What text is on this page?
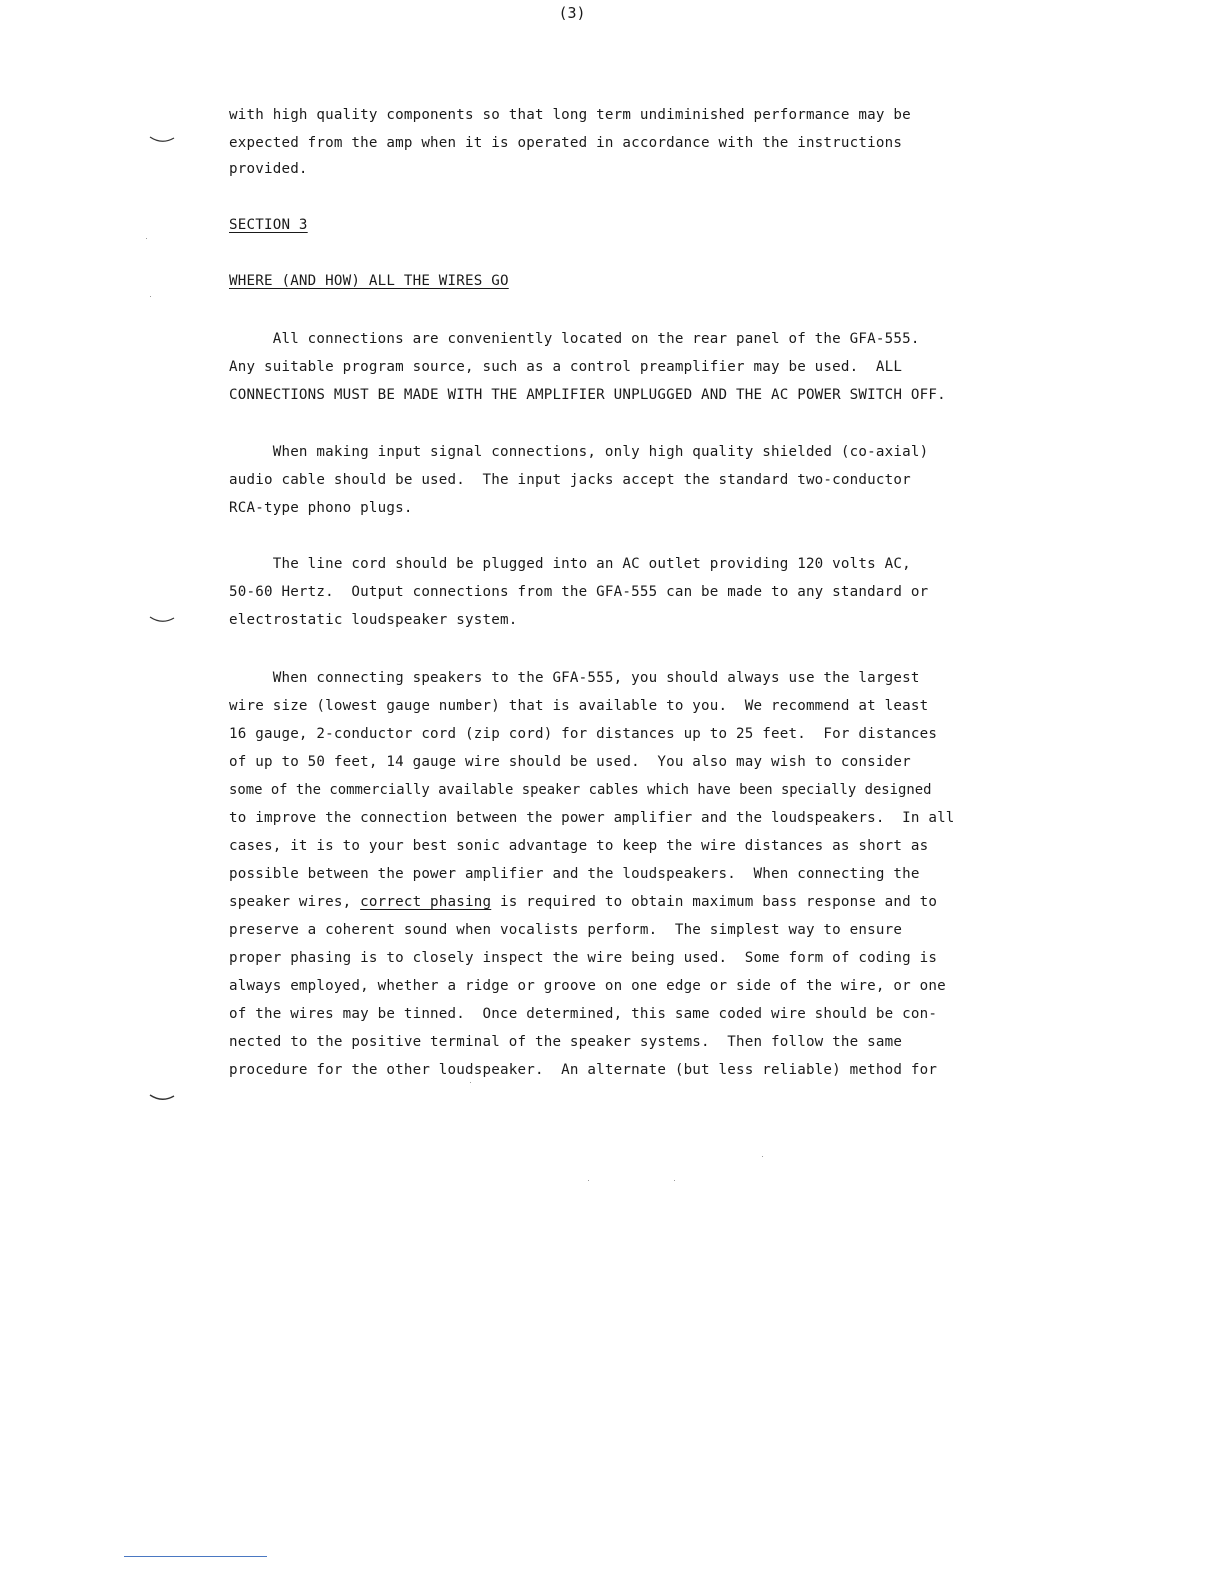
(3)
with high quality components so that long term undiminished performance may be
expected from the amp when it is operated in accordance with the instructions
provided.
SECTION 3
WHERE (AND HOW) ALL THE WIRES GO
All connections are conveniently located on the rear panel of the GFA-555.
Any suitable program source, such as a control preamplifier may be used.  ALL
CONNECTIONS MUST BE MADE WITH THE AMPLIFIER UNPLUGGED AND THE AC POWER SWITCH OFF.
When making input signal connections, only high quality shielded (co-axial)
audio cable should be used.  The input jacks accept the standard two-conductor
RCA-type phono plugs.
The line cord should be plugged into an AC outlet providing 120 volts AC,
50-60 Hertz.  Output connections from the GFA-555 can be made to any standard or
electrostatic loudspeaker system.
When connecting speakers to the GFA-555, you should always use the largest
wire size (lowest gauge number) that is available to you.  We recommend at least
16 gauge, 2-conductor cord (zip cord) for distances up to 25 feet.  For distances
of up to 50 feet, 14 gauge wire should be used.  You also may wish to consider
some of the commercially available speaker cables which have been specially designed
to improve the connection between the power amplifier and the loudspeakers.  In all
cases, it is to your best sonic advantage to keep the wire distances as short as
possible between the power amplifier and the loudspeakers.  When connecting the
speaker wires, correct phasing is required to obtain maximum bass response and to
preserve a coherent sound when vocalists perform.  The simplest way to ensure
proper phasing is to closely inspect the wire being used.  Some form of coding is
always employed, whether a ridge or groove on one edge or side of the wire, or one
of the wires may be tinned.  Once determined, this same coded wire should be con-
nected to the positive terminal of the speaker systems.  Then follow the same
procedure for the other loudspeaker.  An alternate (but less reliable) method for
